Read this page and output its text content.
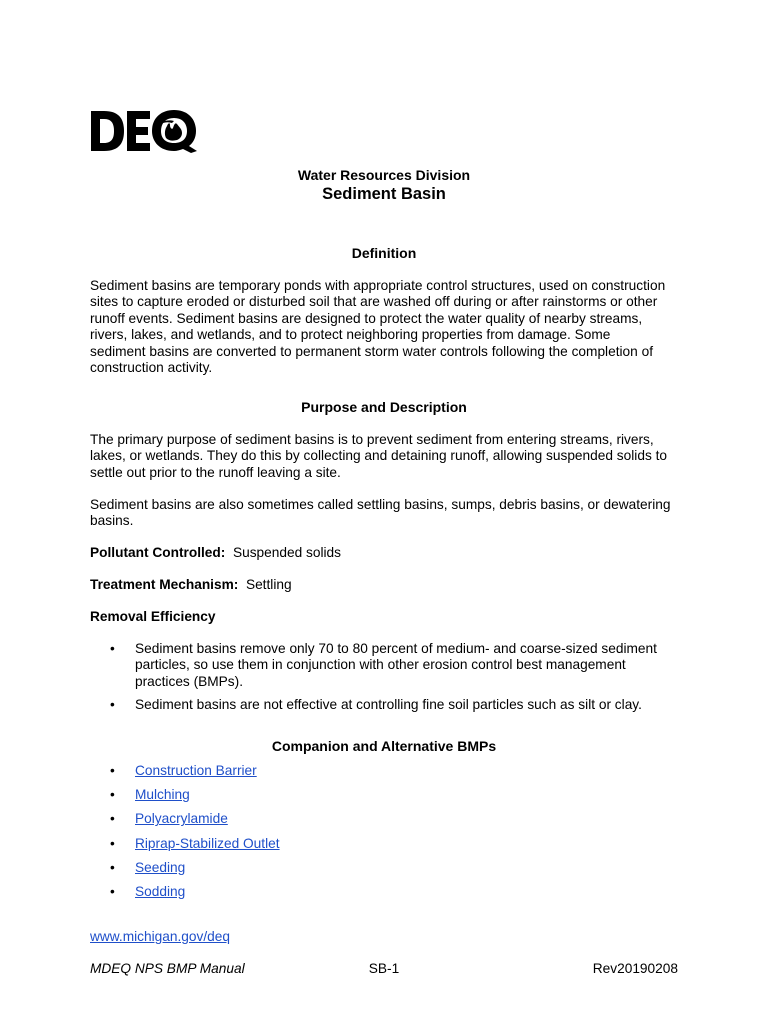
Water Resources Division
Sediment Basin
Definition
Sediment basins are temporary ponds with appropriate control structures, used on construction
sites to capture eroded or disturbed soil that are washed off during or after rainstorms or other
runoff events. Sediment basins are designed to protect the water quality of nearby streams,
rivers, lakes, and wetlands, and to protect neighboring properties from damage. Some
sediment basins are converted to permanent storm water controls following the completion of
construction activity.
Purpose and Description
The primary purpose of sediment basins is to prevent sediment from entering streams, rivers,
lakes, or wetlands. They do this by collecting and detaining runoff, allowing suspended solids to
settle out prior to the runoff leaving a site.
Sediment basins are also sometimes called settling basins, sumps, debris basins, or dewatering
basins.
Pollutant Controlled: Suspended solids
Treatment Mechanism: Settling
Removal Efficiency
• Sediment basins remove only 70 to 80 percent of medium- and coarse-sized sediment
particles, so use them in conjunction with other erosion control best management
practices (BMPs).
• Sediment basins are not effective at controlling fine soil particles such as silt or clay.
Companion and Alternative BMPs
• Construction Barrier
• Mulching
• Polyacrylamide
• Riprap-Stabilized Outlet
• Seeding
• Sodding
www.michigan.gov/deq
MDEQ NPS BMP Manual	SB-1	Rev20190208
